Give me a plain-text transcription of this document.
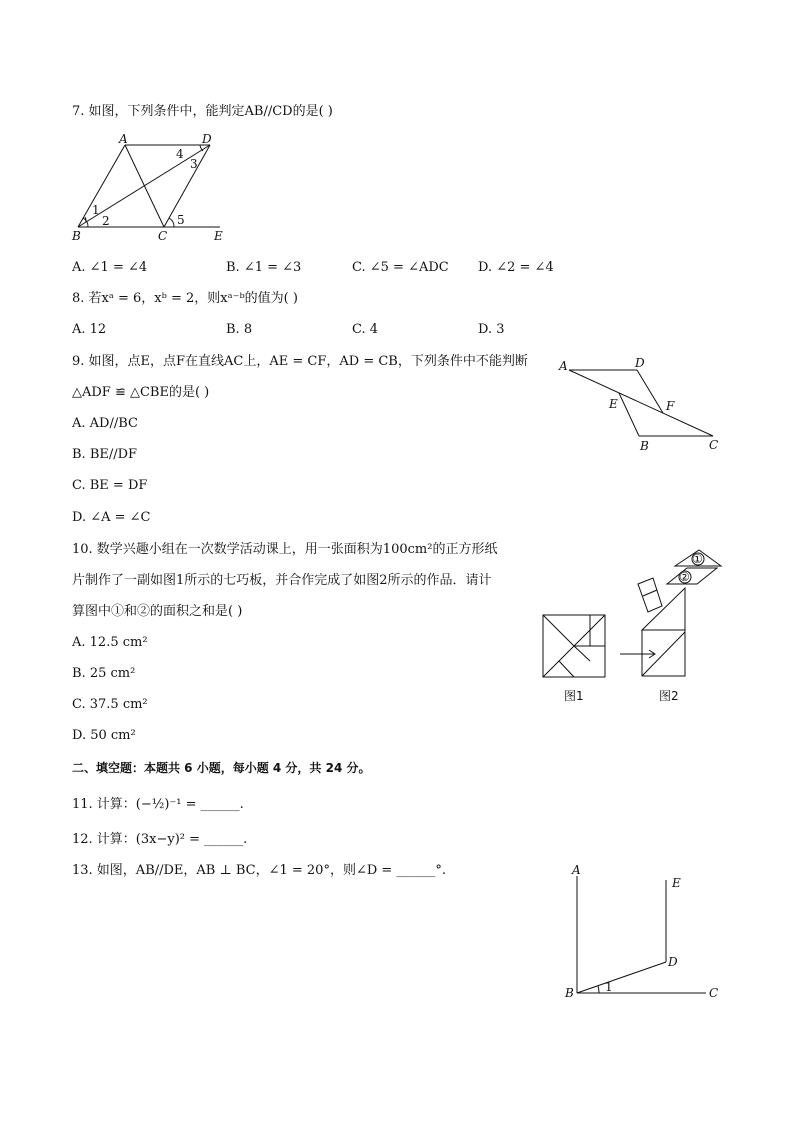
7. 如图，下列条件中，能判定AB//CD的是( )
A	D
B	C	E
1
2
3
4
5
A. ∠1 = ∠4	B. ∠1 = ∠3	C. ∠5 = ∠ADC D. ∠2 = ∠4
8. 若xᵃ = 6，xᵇ = 2，则xᵃ⁻ᵇ的值为( )
A. 12	B. 8	C. 4	D. 3
9. 如图，点E，点F在直线AC上，AE = CF，AD = CB，下列条件中不能判断
△ADF ≌ △CBE的是( )
A. AD//BC
B. BE//DF
C. BE = DF
D. ∠A = ∠C
A	D
E	F
B	C
10. 数学兴趣小组在一次数学活动课上，用一张面积为100cm²的正方形纸
片制作了一副如图1所示的七巧板，并合作完成了如图2所示的作品．请计
算图中①和②的面积之和是( )
A. 12.5 cm²
B. 25 cm²
C. 37.5 cm²
D. 50 cm²
①
②
图1	图2
二、填空题：本题共 6 小题，每小题 4 分，共 24 分。
11. 计算：(−½)⁻¹ = ______.
12. 计算：(3x−y)² = ______.
13. 如图，AB//DE，AB ⊥ BC，∠1 = 20°，则∠D = ______°.	A
E
D
B	C
1
